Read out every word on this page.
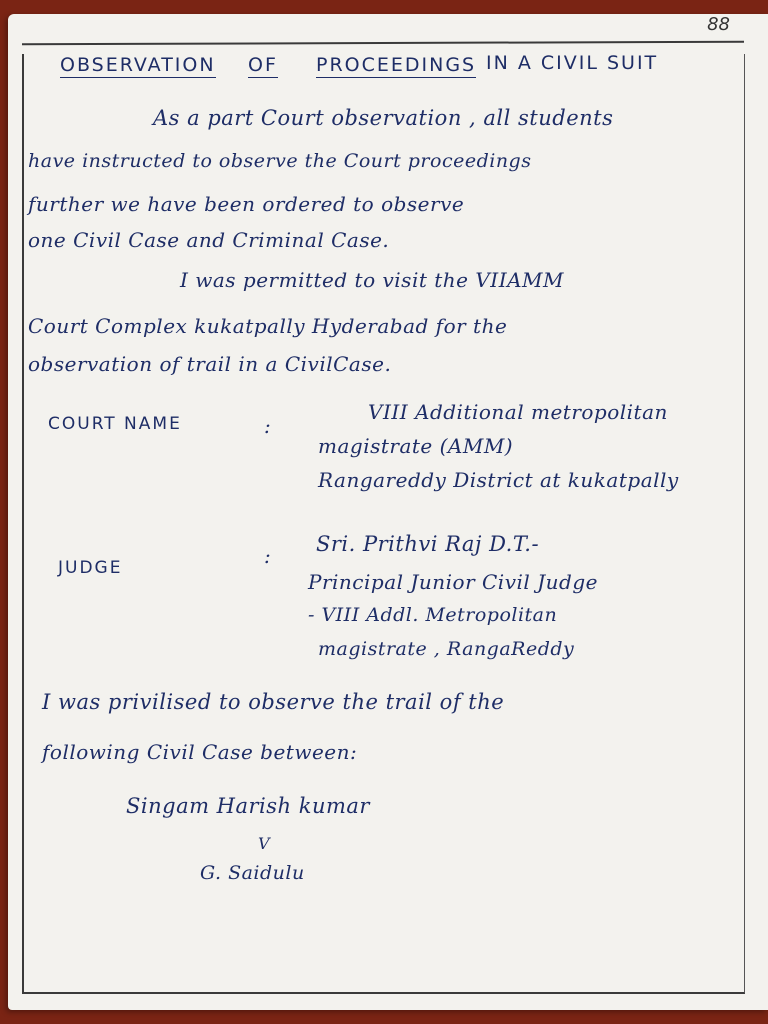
88
OBSERVATION OF PROCEEDINGS IN A CIVIL SUIT
As a part Court observation , all students
have instructed to observe the Court proceedings
further we have been ordered to observe
one Civil Case and Criminal Case.
I was permitted to visit the VIIAMM
Court Complex kukatpally Hyderabad for the
observation of trail in a CivilCase.
COURT NAME	:
VIII Additional metropolitan
magistrate (AMM)
Rangareddy District at kukatpally
JUDGE	: Sri. Prithvi Raj D.T.-
Principal Junior Civil Judge
- VIII Addl. Metropolitan
magistrate , RangaReddy
I was privilised to observe the trail of the
following Civil Case between:
Singam Harish kumar
V
G. Saidulu
